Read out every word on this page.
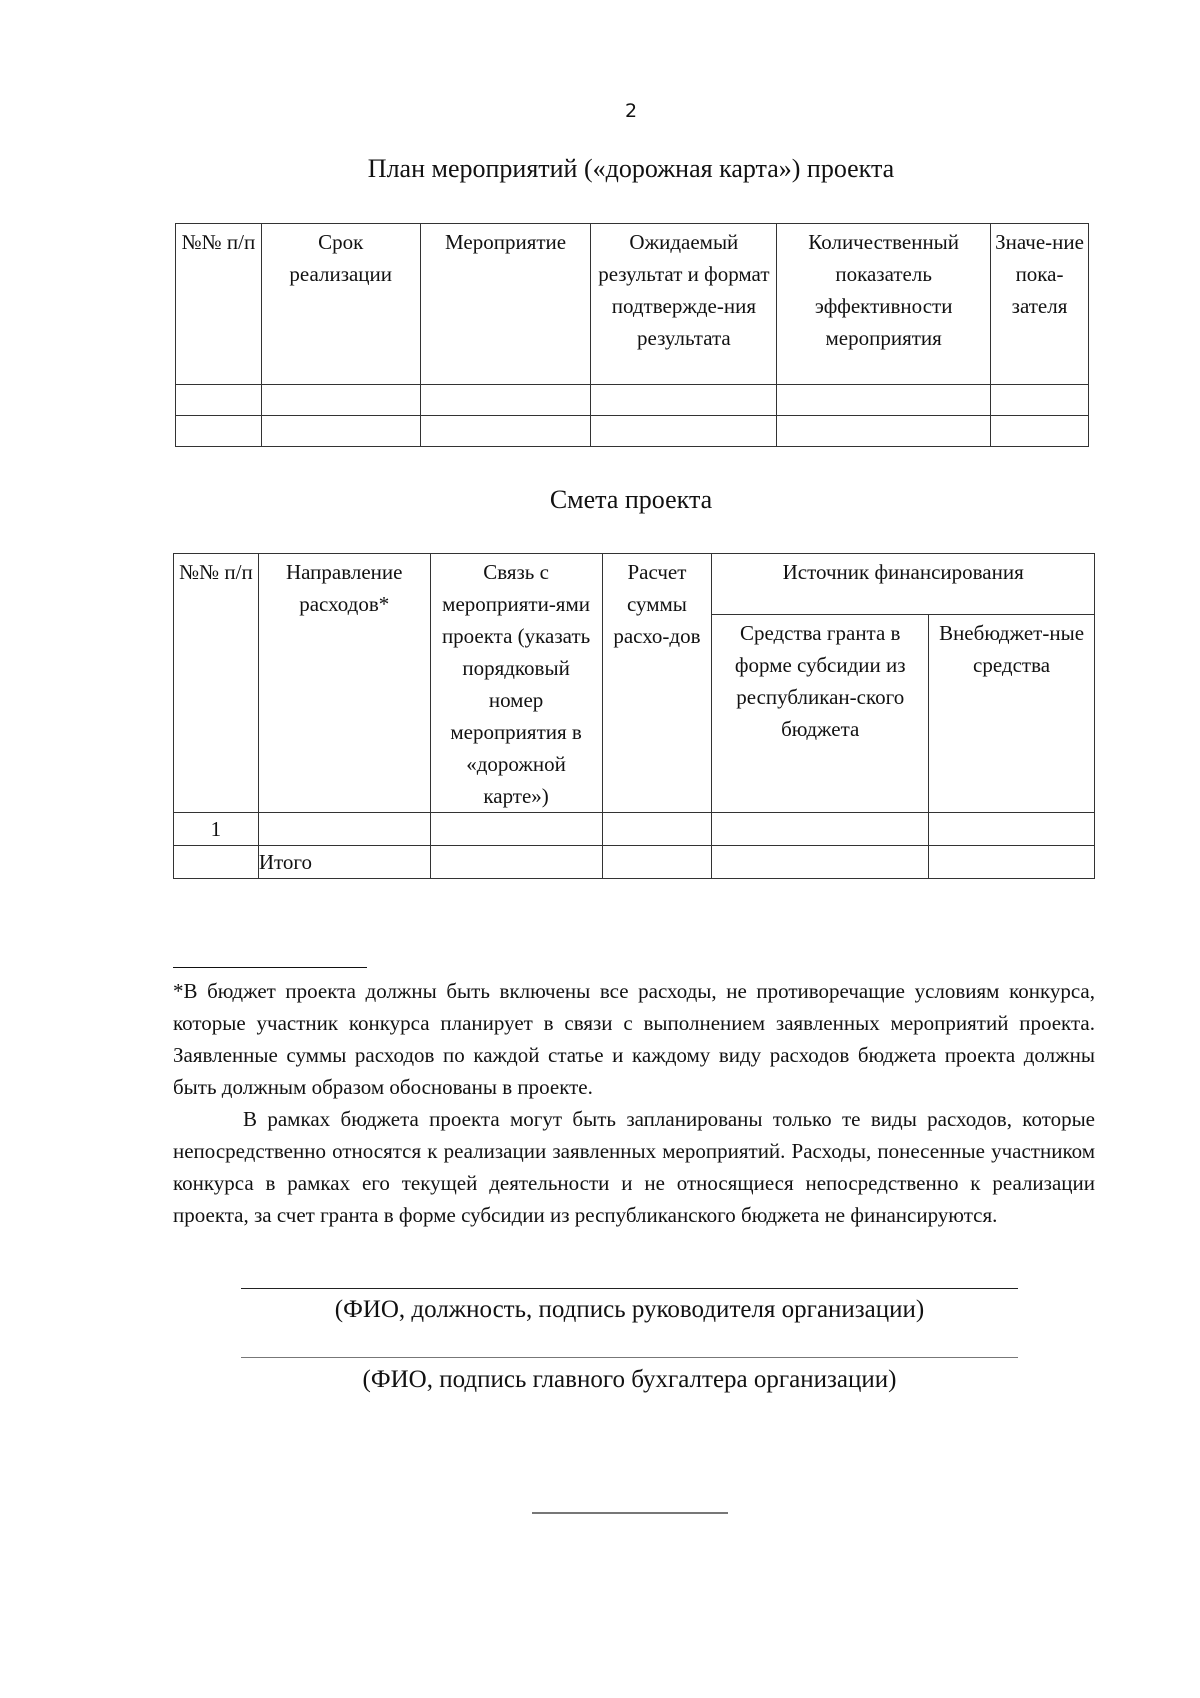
2
План мероприятий («дорожная карта») проекта
№№ п/п	Срок реализации	Мероприятие	Ожидаемый результат и формат подтвержде-ния результата	Количественный показатель эффективности мероприятия	Значе-ние пока-зателя

Смета проекта
№№ п/п	Направление расходов*	Связь с мероприяти-ями проекта (указать порядковый номер мероприятия в «дорожной карте»)	Расчет суммы расхо-дов	Источник финансирования	
				Средства гранта в форме субсидии из республикан-ского бюджета	Внебюджет-ные средства
1					
	Итого				

*В бюджет проекта должны быть включены все расходы, не противоречащие условиям конкурса, которые участник конкурса планирует в связи с выполнением заявленных мероприятий проекта. Заявленные суммы расходов по каждой статье и каждому виду расходов бюджета проекта должны быть должным образом обоснованы в проекте.

В рамках бюджета проекта могут быть запланированы только те виды расходов, которые непосредственно относятся к реализации заявленных мероприятий. Расходы, понесенные участником конкурса в рамках его текущей деятельности и не относящиеся непосредственно к реализации проекта, за счет гранта в форме субсидии из республиканского бюджета не финансируются.

(ФИО, должность, подпись руководителя организации)
(ФИО, подпись главного бухгалтера организации)
